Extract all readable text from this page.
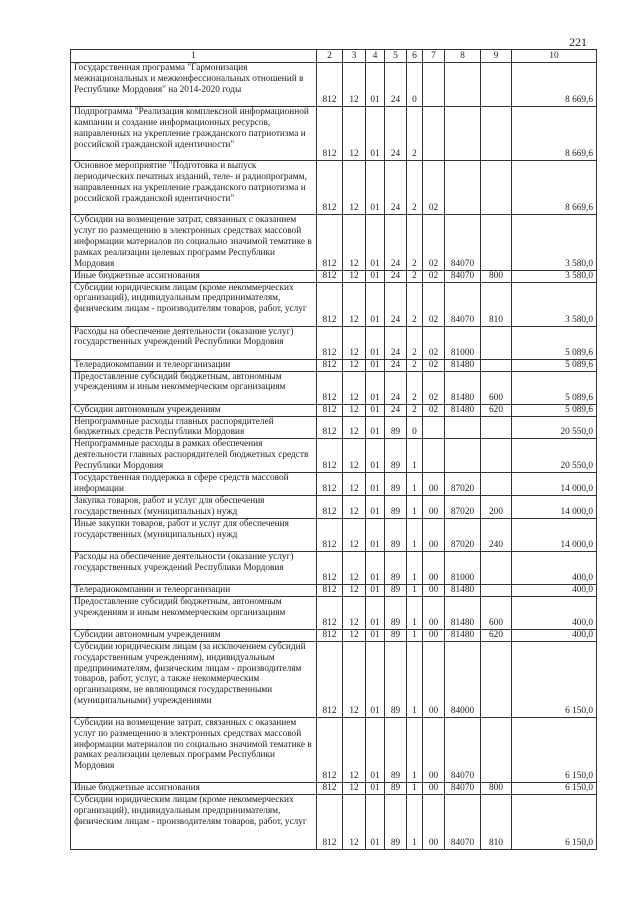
221
1	2	3	4	5	6	7	8	9	10
Государственная программа "Гармонизация межнациональных и межконфессиональных отношений в Республике Мордовия" на 2014-2020 годы	812	12	01	24	0				8 669,6
Подпрограмма "Реализация комплексной информационной кампании и создание информационных ресурсов, направленных на укрепление гражданского патриотизма и российской гражданской идентичности"	812	12	01	24	2				8 669,6
Основное мероприятие "Подготовка и выпуск периодических печатных изданий, теле- и радиопрограмм, направленных на укрепление гражданского патриотизма и российской гражданской идентичности"	812	12	01	24	2	02			8 669,6
Субсидии на возмещение затрат, связанных с оказанием услуг по размещению в электронных средствах массовой информации материалов по социально значимой тематике в рамках реализации целевых программ Республики Мордовия	812	12	01	24	2	02	84070		3 580,0
Иные бюджетные ассигнования	812	12	01	24	2	02	84070	800	3 580,0
Субсидии юридическим лицам (кроме некоммерческих организаций), индивидуальным предпринимателям, физическим лицам - производителям товаров, работ, услуг	812	12	01	24	2	02	84070	810	3 580,0
Расходы на обеспечение деятельности (оказание услуг) государственных учреждений Республики Мордовия	812	12	01	24	2	02	81000		5 089,6
Телерадиокомпании и телеорганизации	812	12	01	24	2	02	81480		5 089,6
Предоставление субсидий бюджетным, автономным учреждениям и иным некоммерческим организациям	812	12	01	24	2	02	81480	600	5 089,6
Субсидии автономным учреждениям	812	12	01	24	2	02	81480	620	5 089,6
Непрограммные расходы главных распорядителей бюджетных средств Республики Мордовия	812	12	01	89	0				20 550,0
Непрограммные расходы в рамках обеспечения деятельности главных распорядителей бюджетных средств Республики Мордовия	812	12	01	89	1				20 550,0
Государственная поддержка в сфере средств массовой информации	812	12	01	89	1	00	87020		14 000,0
Закупка товаров, работ и услуг для обеспечения государственных (муниципальных) нужд	812	12	01	89	1	00	87020	200	14 000,0
Иные закупки товаров, работ и услуг для обеспечения государственных (муниципальных) нужд	812	12	01	89	1	00	87020	240	14 000,0
Расходы на обеспечение деятельности (оказание услуг) государственных учреждений Республики Мордовия	812	12	01	89	1	00	81000		400,0
Телерадиокомпании и телеорганизации	812	12	01	89	1	00	81480		400,0
Предоставление субсидий бюджетным, автономным учреждениям и иным некоммерческим организациям	812	12	01	89	1	00	81480	600	400,0
Субсидии автономным учреждениям	812	12	01	89	1	00	81480	620	400,0
Субсидии юридическим лицам (за исключением субсидий государственным учреждениям), индивидуальным предпринимателям, физическим лицам - производителям товаров, работ, услуг, а также некоммерческим организациям, не являющимся государственными (муниципальными) учреждениями	812	12	01	89	1	00	84000		6 150,0
Субсидии на возмещение затрат, связанных с оказанием услуг по размещению в электронных средствах массовой информации материалов по социально значимой тематике в рамках реализации целевых программ Республики Мордовия	812	12	01	89	1	00	84070		6 150,0
Иные бюджетные ассигнования	812	12	01	89	1	00	84070	800	6 150,0
Субсидии юридическим лицам (кроме некоммерческих организаций), индивидуальным предпринимателям, физическим лицам - производителям товаров, работ, услуг	812	12	01	89	1	00	84070	810	6 150,0
